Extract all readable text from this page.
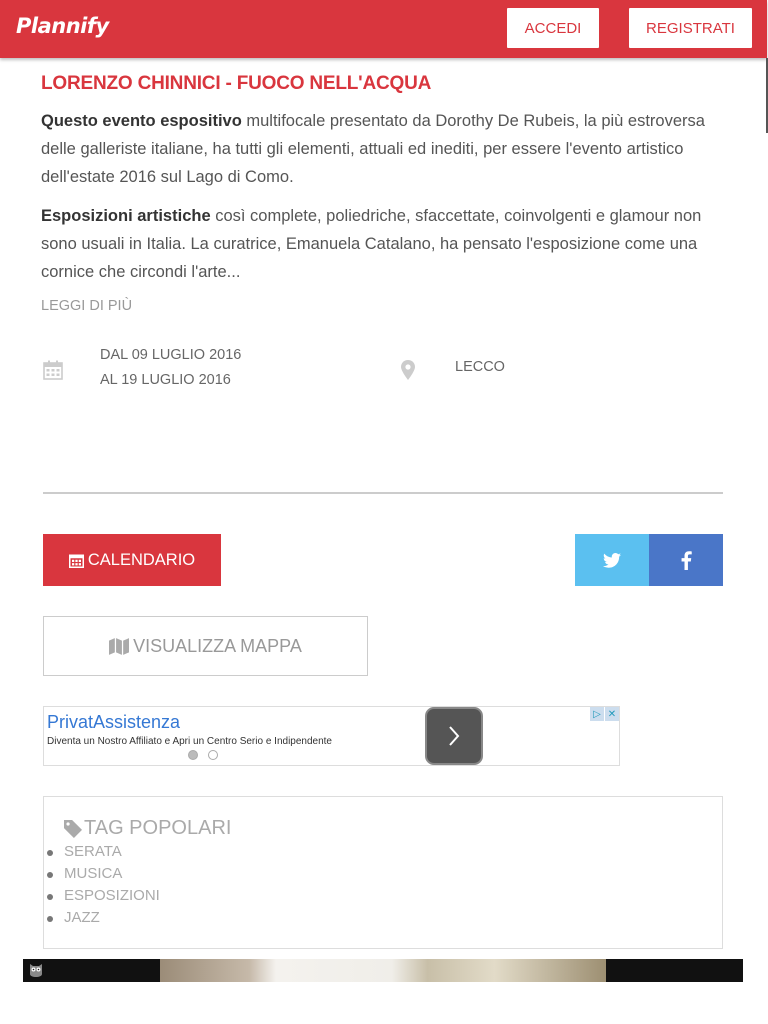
Plannify	ACCEDI	REGISTRATI
LORENZO CHINNICI - FUOCO NELL'ACQUA

Questo evento espositivo multifocale presentato da Dorothy De Rubeis, la più estroversa delle galleriste italiane, ha tutti gli elementi, attuali ed inediti, per essere l'evento artistico dell'estate 2016 sul Lago di Como.

Esposizioni artistiche così complete, poliedriche, sfaccettate, coinvolgenti e glamour non sono usuali in Italia. La curatrice, Emanuela Catalano, ha pensato l'esposizione come una cornice che circondi l'arte...

LEGGI DI PIÙ
DAL 09 LUGLIO 2016
AL 19 LUGLIO 2016
LECCO
CALENDARIO
VISUALIZZA MAPPA
PrivatAssistenza
Diventa un Nostro Affiliato e Apri un Centro Serio e Indipendente
▷ ✕
TAG POPOLARI
SERATA
MUSICA
ESPOSIZIONI
JAZZ
